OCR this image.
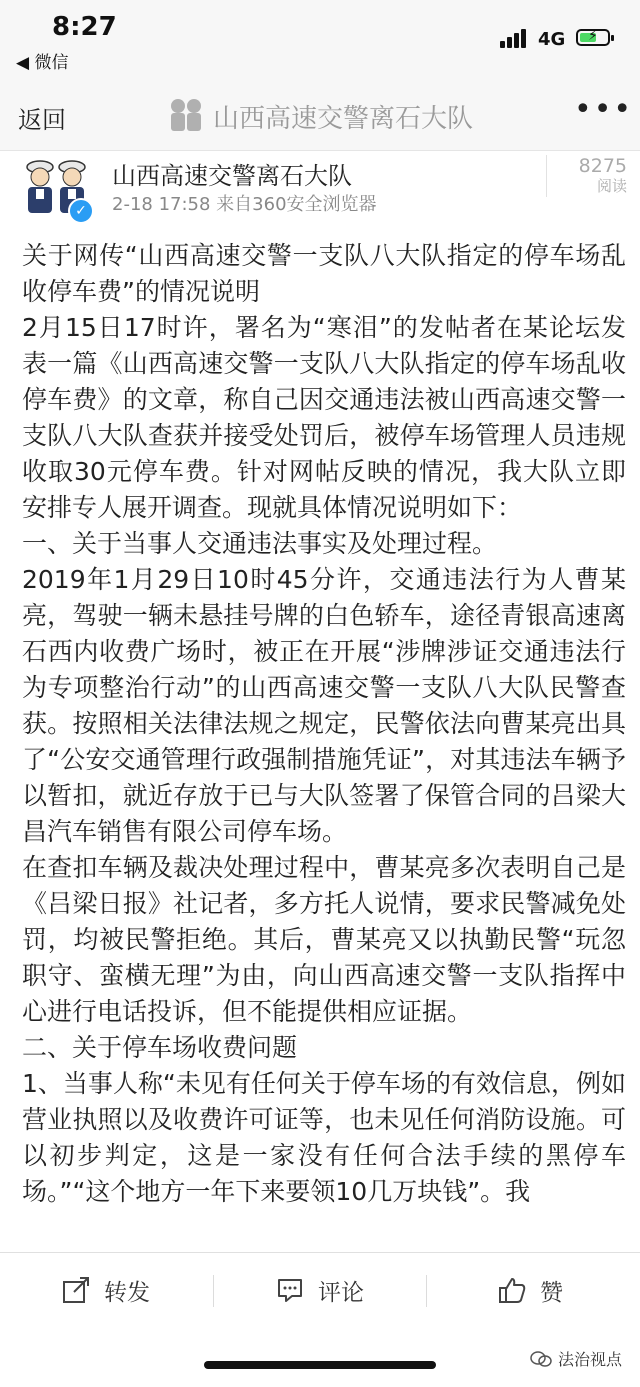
8:27
◀ 微信
4G ⚡
返回	山西高速交警离石大队	•••
✓
山西高速交警离石大队
2-18 17:58 来自360安全浏览器
8275
阅读

关于网传“山西高速交警一支队八大队指定的停车场乱收停车费”的情况说明

2月15日17时许，署名为“寒泪”的发帖者在某论坛发表一篇《山西高速交警一支队八大队指定的停车场乱收停车费》的文章，称自己因交通违法被山西高速交警一支队八大队查获并接受处罚后，被停车场管理人员违规收取30元停车费。针对网帖反映的情况，我大队立即安排专人展开调查。现就具体情况说明如下：

一、关于当事人交通违法事实及处理过程。

2019年1月29日10时45分许，交通违法行为人曹某亮，驾驶一辆未悬挂号牌的白色轿车，途径青银高速离石西内收费广场时，被正在开展“涉牌涉证交通违法行为专项整治行动”的山西高速交警一支队八大队民警查获。按照相关法律法规之规定，民警依法向曹某亮出具了“公安交通管理行政强制措施凭证”，对其违法车辆予以暂扣，就近存放于已与大队签署了保管合同的吕梁大昌汽车销售有限公司停车场。

在查扣车辆及裁决处理过程中，曹某亮多次表明自己是《吕梁日报》社记者，多方托人说情，要求民警减免处罚，均被民警拒绝。其后，曹某亮又以执勤民警“玩忽职守、蛮横无理”为由，向山西高速交警一支队指挥中心进行电话投诉，但不能提供相应证据。

二、关于停车场收费问题

1、当事人称“未见有任何关于停车场的有效信息，例如营业执照以及收费许可证等，也未见任何消防设施。可以初步判定，这是一家没有任何合法手续的黑停车场。”“这个地方一年下来要领10几万块钱”。我

转发	评论	赞
法治视点
